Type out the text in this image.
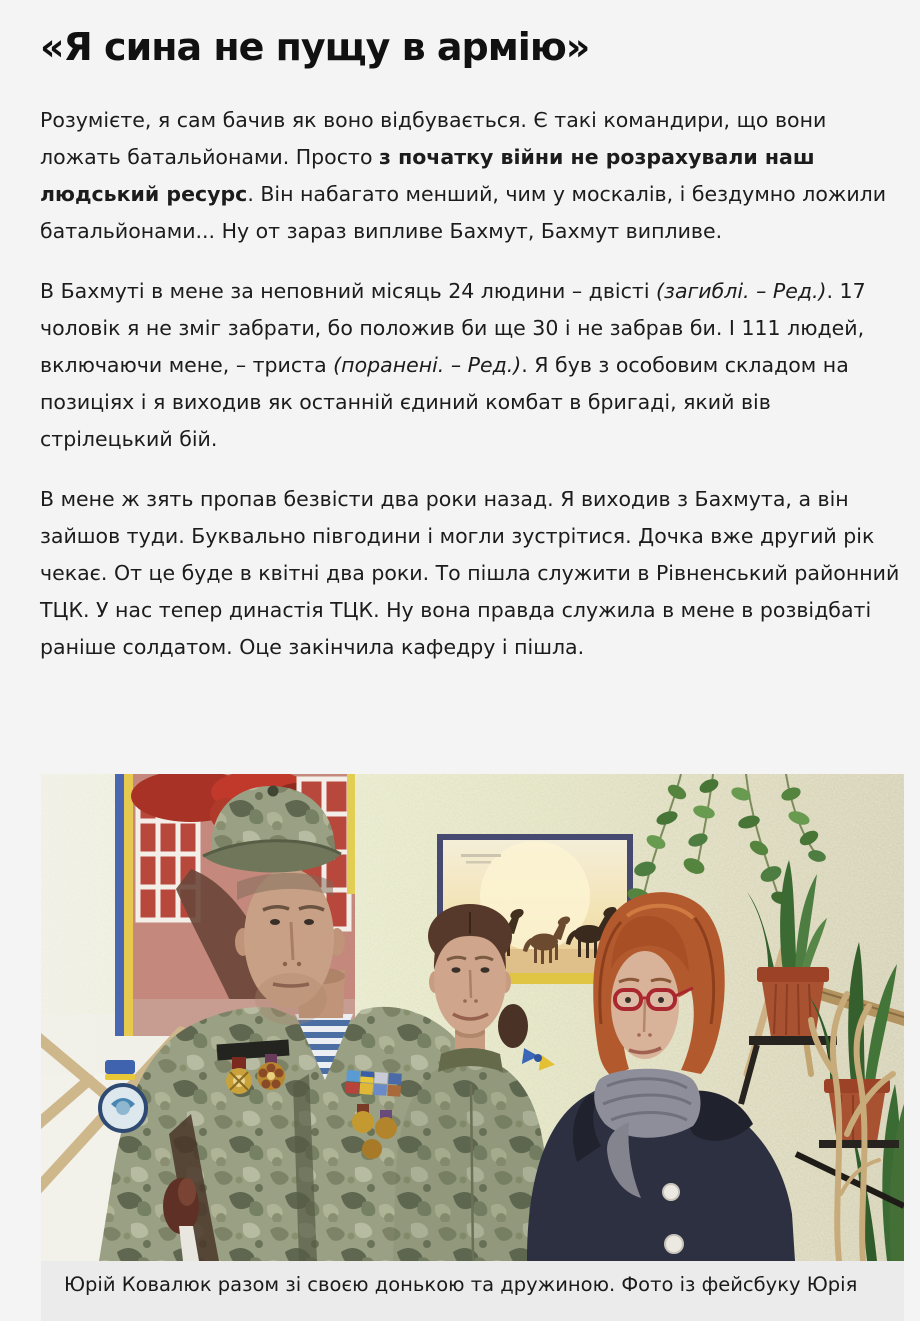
«Я сина не пущу в армію»

Розумієте, я сам бачив як воно відбувається. Є такі командири, що вони ложать батальйонами. Просто з початку війни не розрахували наш людський ресурс. Він набагато менший, чим у москалів, і бездумно ложили батальйонами... Ну от зараз випливе Бахмут, Бахмут випливе.

В Бахмуті в мене за неповний місяць 24 людини – двісті (загиблі. – Ред.). 17 чоловік я не зміг забрати, бо положив би ще 30 і не забрав би. І 111 людей, включаючи мене, – триста (поранені. – Ред.). Я був з особовим складом на позиціях і я виходив як останній єдиний комбат в бригаді, який вів стрілецький бій.

В мене ж зять пропав безвісти два роки назад. Я виходив з Бахмута, а він зайшов туди. Буквально півгодини і могли зустрітися. Дочка вже другий рік чекає. От це буде в квітні два роки. То пішла служити в Рівненський районний ТЦК. У нас тепер династія ТЦК. Ну вона правда служила в мене в розвідбаті раніше солдатом. Оце закінчила кафедру і пішла.

Юрій Ковалюк разом зі своєю донькою та дружиною. Фото із фейсбуку Юрія
